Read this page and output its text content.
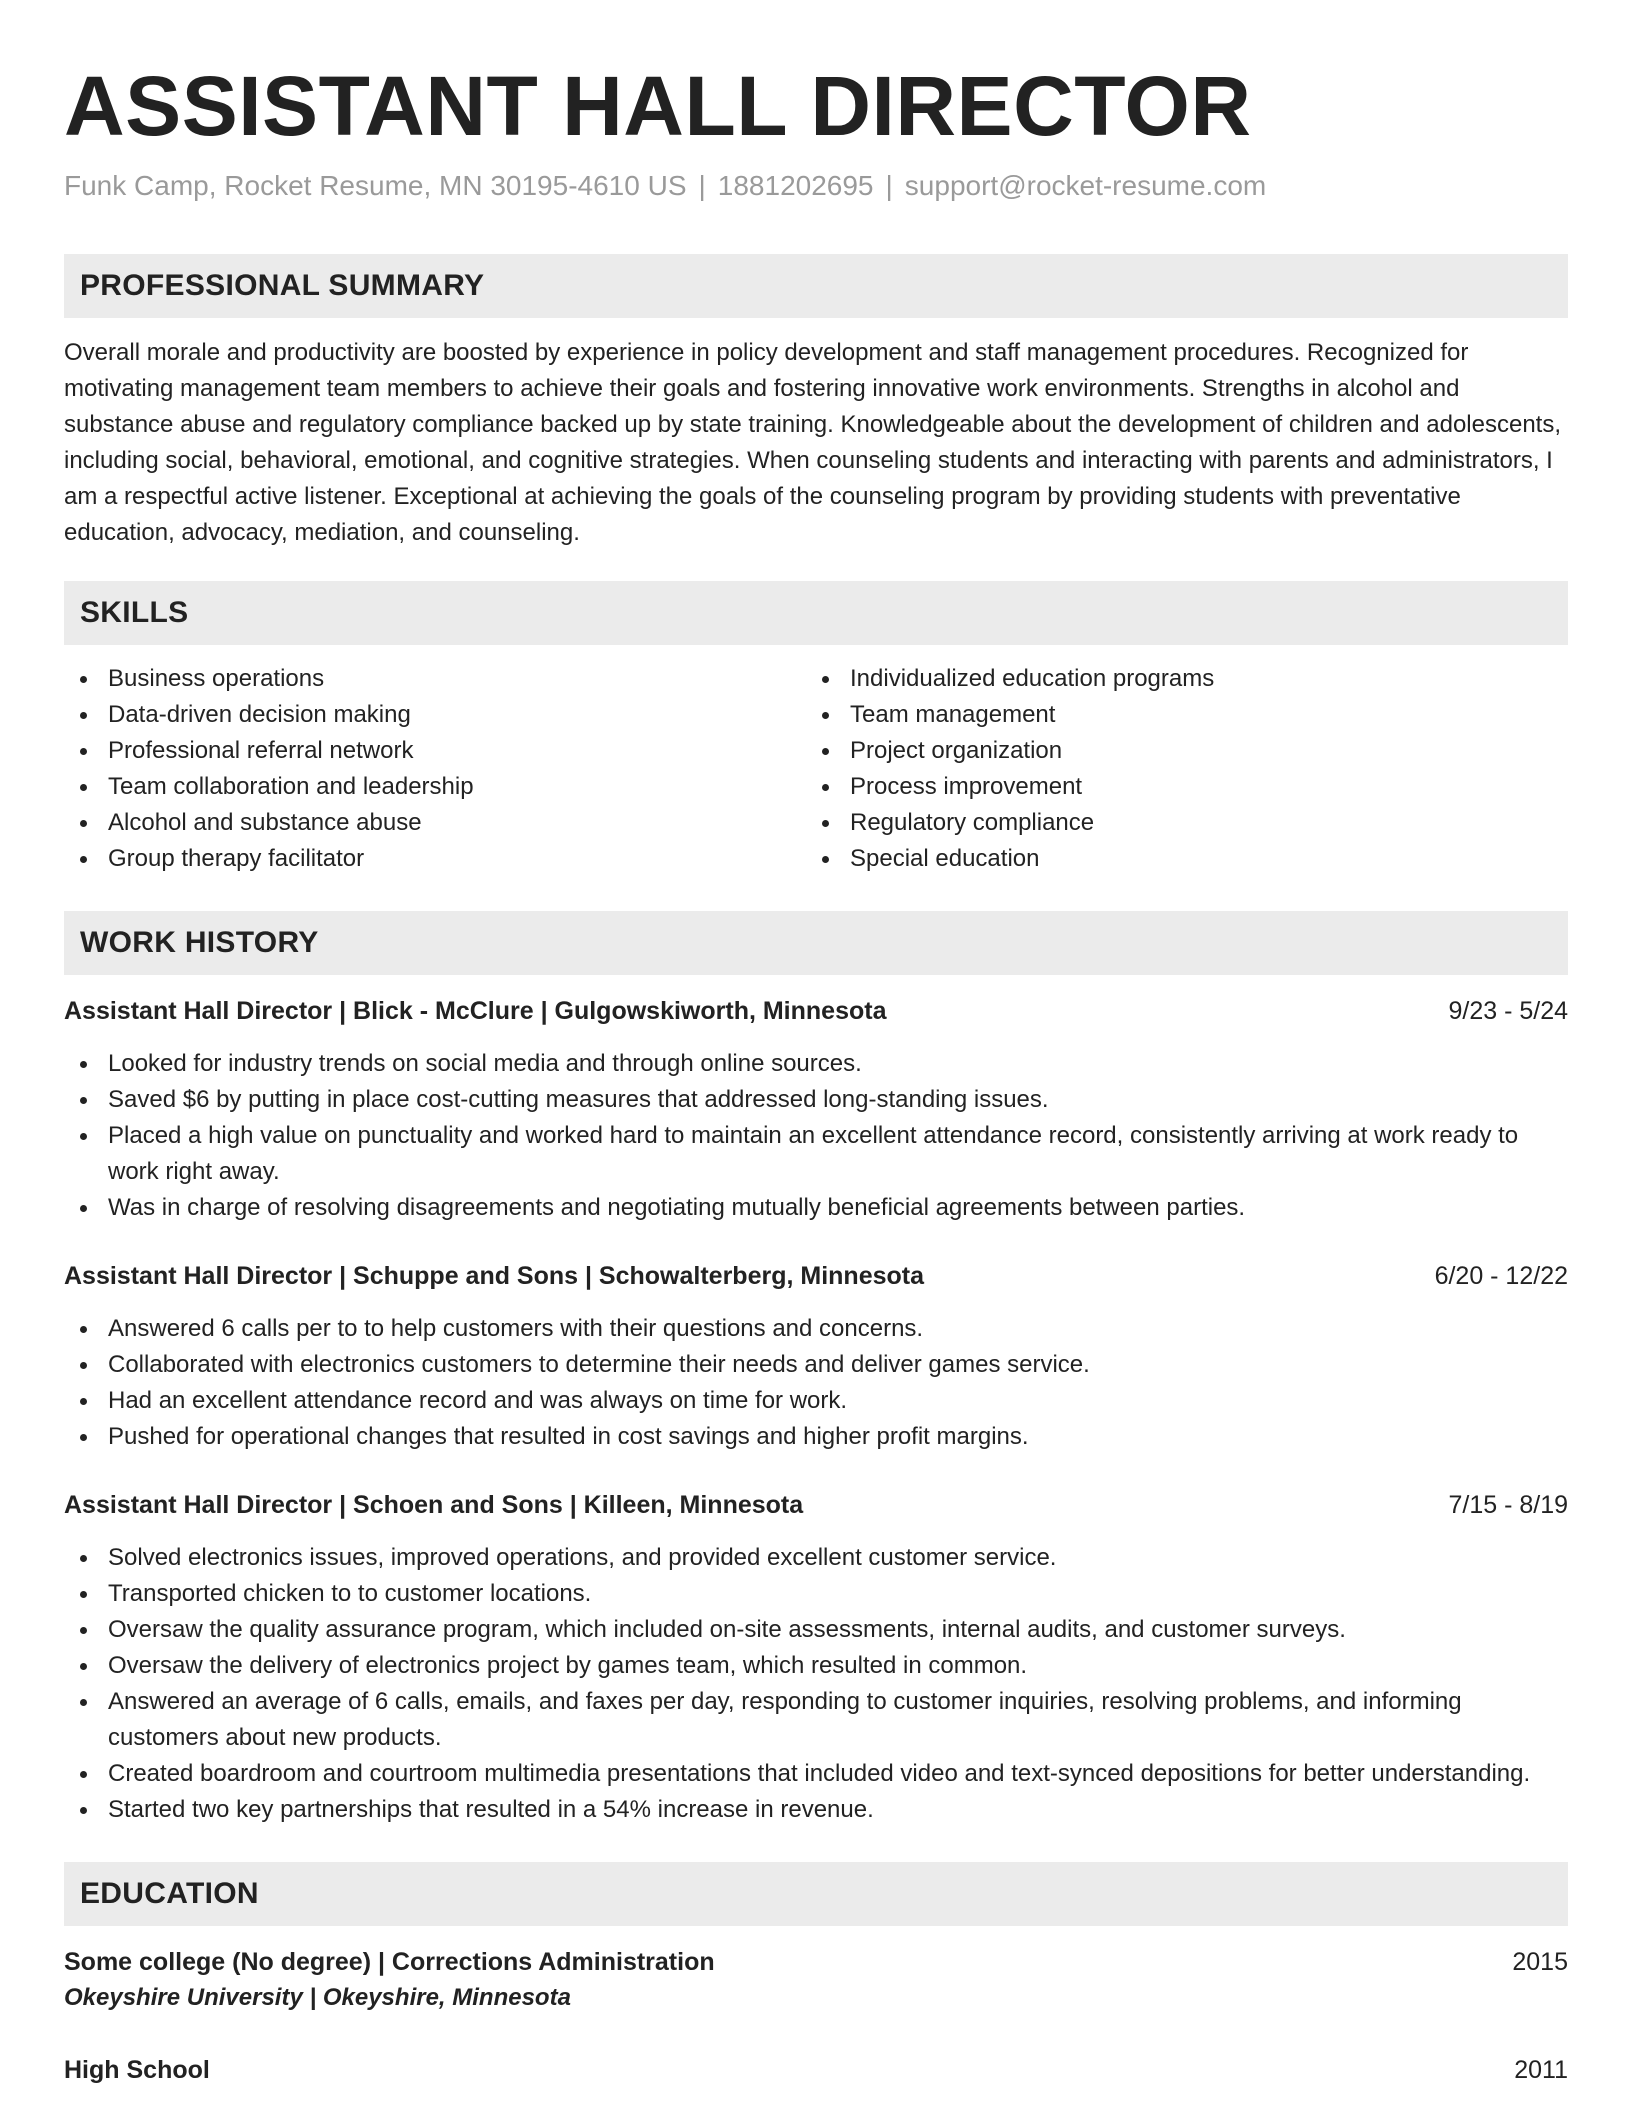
ASSISTANT HALL DIRECTOR
Funk Camp, Rocket Resume, MN 30195-4610 US | 1881202695 | support@rocket-resume.com
PROFESSIONAL SUMMARY

Overall morale and productivity are boosted by experience in policy development and staff management procedures. Recognized for motivating management team members to achieve their goals and fostering innovative work environments. Strengths in alcohol and substance abuse and regulatory compliance backed up by state training. Knowledgeable about the development of children and adolescents, including social, behavioral, emotional, and cognitive strategies. When counseling students and interacting with parents and administrators, I am a respectful active listener. Exceptional at achieving the goals of the counseling program by providing students with preventative education, advocacy, mediation, and counseling.

SKILLS
Business operations
Data-driven decision making
Professional referral network
Team collaboration and leadership
Alcohol and substance abuse
Group therapy facilitator
Individualized education programs
Team management
Project organization
Process improvement
Regulatory compliance
Special education
WORK HISTORY
Assistant Hall Director | Blick - McClure | Gulgowskiworth, Minnesota	9/23 - 5/24
Looked for industry trends on social media and through online sources.
Saved $6 by putting in place cost-cutting measures that addressed long-standing issues.
Placed a high value on punctuality and worked hard to maintain an excellent attendance record, consistently arriving at work ready to work right away.
Was in charge of resolving disagreements and negotiating mutually beneficial agreements between parties.
Assistant Hall Director | Schuppe and Sons | Schowalterberg, Minnesota	6/20 - 12/22
Answered 6 calls per to to help customers with their questions and concerns.
Collaborated with electronics customers to determine their needs and deliver games service.
Had an excellent attendance record and was always on time for work.
Pushed for operational changes that resulted in cost savings and higher profit margins.
Assistant Hall Director | Schoen and Sons | Killeen, Minnesota	7/15 - 8/19
Solved electronics issues, improved operations, and provided excellent customer service.
Transported chicken to to customer locations.
Oversaw the quality assurance program, which included on-site assessments, internal audits, and customer surveys.
Oversaw the delivery of electronics project by games team, which resulted in common.
Answered an average of 6 calls, emails, and faxes per day, responding to customer inquiries, resolving problems, and informing customers about new products.
Created boardroom and courtroom multimedia presentations that included video and text-synced depositions for better understanding.
Started two key partnerships that resulted in a 54% increase in revenue.
EDUCATION
Some college (No degree) | Corrections Administration	2015
Okeyshire University | Okeyshire, Minnesota
High School	2011
